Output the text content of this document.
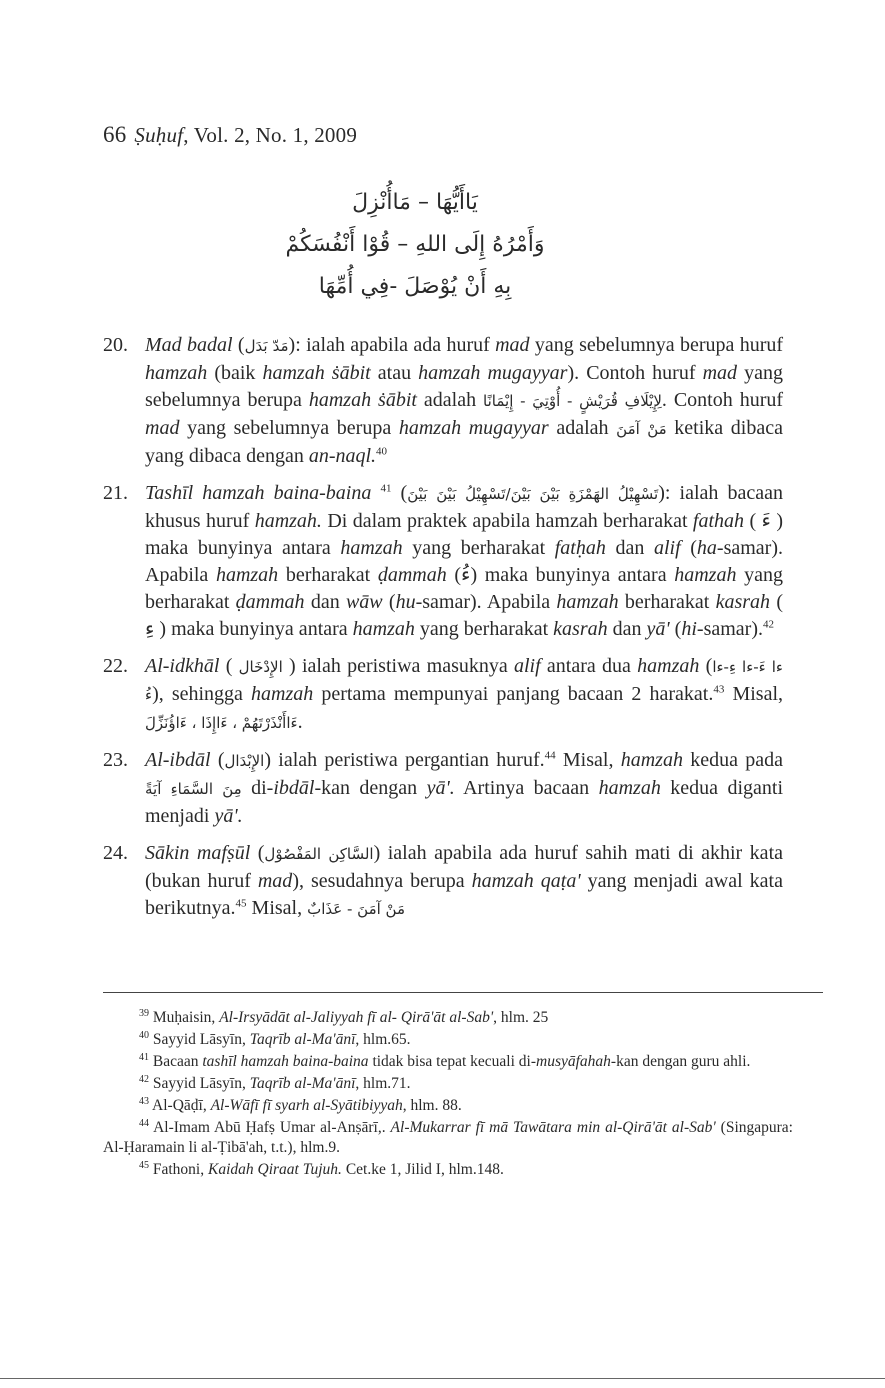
66 Ṣuḥuf, Vol. 2, No. 1, 2009
يَاأَيُّهَا – مَاأُنْزِلَ
وَأَمْرُهُ إِلَى اللهِ – قُوْا أَنْفُسَكُمْ
بِهِ أَنْ يُوْصَلَ -فِي أُمِّهَا
20. Mad badal (مَدّ بَدَل): ialah apabila ada huruf mad yang sebelumnya berupa huruf hamzah (baik hamzah ṡābit atau hamzah mugayyar). Contoh huruf mad yang sebelumnya berupa hamzah ṡābit adalah لِإِيْلَافِ قُرَيْشٍ - أُوْتِيَ - إِيْمَانًا. Contoh huruf mad yang sebelumnya berupa hamzah mugayyar adalah مَنْ آمَنَ ketika dibaca yang dibaca dengan an-naql.$^{40}$
21. Tashīl hamzah baina-baina $^{41}$ (تَسْهِيْلُ الهَمْزَةِ بَيْنَ بَيْنَ/تَسْهِيْلُ بَيْنَ بَيْنَ): ialah bacaan khusus huruf hamzah. Di dalam praktek apabila hamzah berharakat fathah ( ءَ ) maka bunyinya antara hamzah yang berharakat fatḥah dan alif (ha-samar). Apabila hamzah berharakat ḍammah (ءُ) maka bunyinya antara hamzah yang berharakat ḍammah dan wāw (hu-samar). Apabila hamzah berharakat kasrah ( ءِ ) maka bunyinya antara hamzah yang berharakat kasrah dan yā' (hi-samar).$^{42}$
22. Al-idkhāl ( الإِدْخَال ) ialah peristiwa masuknya alif antara dua hamzah (ءا ءَ-ءا ءِ-ءا ءُ), sehingga hamzah pertama mempunyai panjang bacaan 2 harakat.$^{43}$ Misal, ءَاأَنْذَرْتَهُمْ ، ءَاإِذَا ، ءَاؤُنَزِّلَ.
23. Al-ibdāl (الإِبْدَال) ialah peristiwa pergantian huruf.$^{44}$ Misal, hamzah kedua pada مِنَ السَّمَاءِ آيَةً di-ibdāl-kan dengan yā'. Artinya bacaan hamzah kedua diganti menjadi yā'.
24. Sākin mafṣūl (السَّاكِن المَفْصُوْل) ialah apabila ada huruf sahih mati di akhir kata (bukan huruf mad), sesudahnya berupa hamzah qaṭa' yang menjadi awal kata berikutnya.$^{45}$ Misal, مَنْ آمَنَ - عَذَابٌ

$^{39}$ Muḥaisin, Al-Irsyādāt al-Jaliyyah fī al- Qirā'āt al-Sab', hlm. 25

$^{40}$ Sayyid Lāsyīn, Taqrīb al-Ma'ānī, hlm.65.

$^{41}$ Bacaan tashīl hamzah baina-baina tidak bisa tepat kecuali di-musyāfahah-kan dengan guru ahli.

$^{42}$ Sayyid Lāsyīn, Taqrīb al-Ma'ānī, hlm.71.

$^{43}$ Al-Qāḍī, Al-Wāfī fī syarh al-Syātibiyyah, hlm. 88.

$^{44}$ Al-Imam Abū Ḥafṣ Umar al-Anṣārī,. Al-Mukarrar fī mā Tawātara min al-Qirā'āt al-Sab' (Singapura: Al-Ḥaramain li al-Ṭibā'ah, t.t.), hlm.9.

$^{45}$ Fathoni, Kaidah Qiraat Tujuh. Cet.ke 1, Jilid I, hlm.148.
